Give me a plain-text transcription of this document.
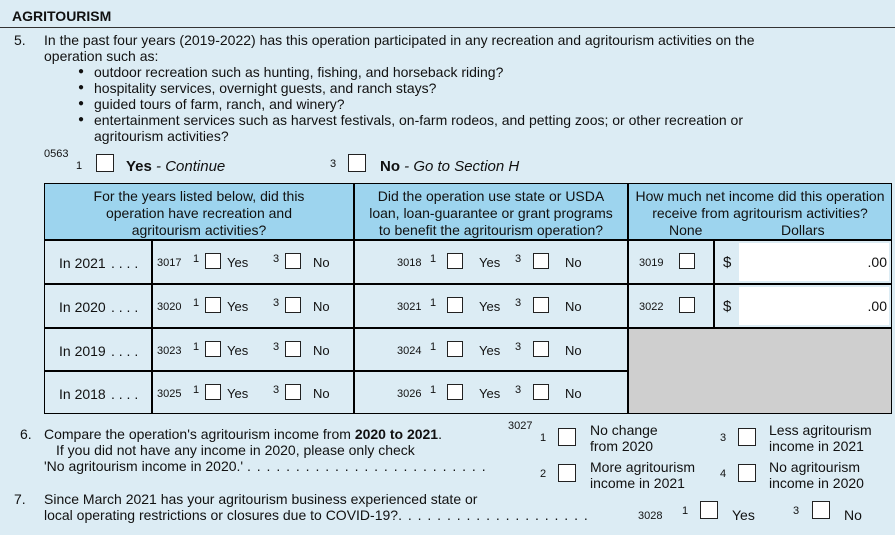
AGRITOURISM
5. In the past four years (2019-2022) has this operation participated in any recreation and agritourism activities on the
operation such as:
● outdoor recreation such as hunting, fishing, and horseback riding?
● hospitality services, overnight guests, and ranch stays?
● guided tours of farm, ranch, and winery?
● entertainment services such as harvest festivals, on-farm rodeos, and petting zoos; or other recreation or
agritourism activities?
0563
1	Yes - Continue	3	No - Go to Section H
For the years listed below, did this
operation have recreation and
agritourism activities?
Did the operation use state or USDA
loan, loan-guarantee or grant programs
to benefit the agritourism operation?
How much net income did this operation
receive from agritourism activities?
None	Dollars
In 2021 . . . . 3017 1 Yes 3	No	3018 1	Yes 3	No	3019	$	.00
In 2020 . . . . 3020 1 Yes 3	No	3021 1	Yes 3	No	3022	$	.00
In 2019 . . . . 3023 1 Yes 3	No	3024 1	Yes 3	No
In 2018 . . . . 3025 1 Yes 3	No	3026 1	Yes 3	No
6. Compare the operation's agritourism income from 2020 to 2021.
If you did not have any income in 2020, please only check
'No agritourism income in 2020.' . . . . . . . . . . . . . . . . . . . . . . . . .
3027
1	No change
from 2020
2	More agritourism
income in 2021
3	Less agritourism
income in 2021
4	No agritourism
income in 2020
7. Since March 2021 has your agritourism business experienced state or
local operating restrictions or closures due to COVID-19?. . . . . . . . . . . . . . . . . . . .	3028 1	Yes	3	No
